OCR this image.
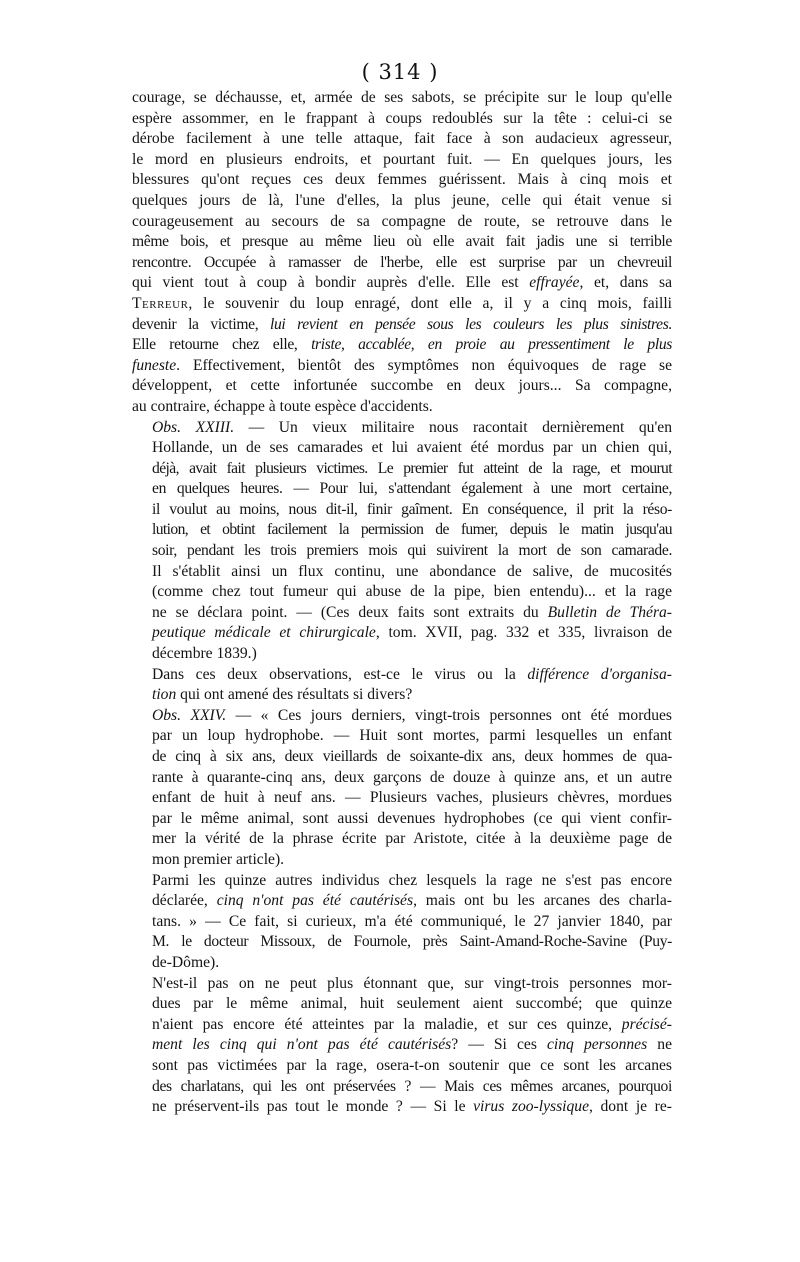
( 314 )

courage, se déchausse, et, armée de ses sabots, se précipite sur le loup qu'elle
espère assommer, en le frappant à coups redoublés sur la tête : celui-ci se
dérobe facilement à une telle attaque, fait face à son audacieux agresseur,
le mord en plusieurs endroits, et pourtant fuit. — En quelques jours, les
blessures qu'ont reçues ces deux femmes guérissent. Mais à cinq mois et
quelques jours de là, l'une d'elles, la plus jeune, celle qui était venue si
courageusement au secours de sa compagne de route, se retrouve dans le
même bois, et presque au même lieu où elle avait fait jadis une si terrible
rencontre. Occupée à ramasser de l'herbe, elle est surprise par un chevreuil
qui vient tout à coup à bondir auprès d'elle. Elle est effrayée, et, dans sa
Terreur, le souvenir du loup enragé, dont elle a, il y a cinq mois, failli
devenir la victime, lui revient en pensée sous les couleurs les plus sinistres.
Elle retourne chez elle, triste, accablée, en proie au pressentiment le plus
funeste. Effectivement, bientôt des symptômes non équivoques de rage se
développent, et cette infortunée succombe en deux jours... Sa compagne,
au contraire, échappe à toute espèce d'accidents.

Obs. XXIII. — Un vieux militaire nous racontait dernièrement qu'en
Hollande, un de ses camarades et lui avaient été mordus par un chien qui,
déjà, avait fait plusieurs victimes. Le premier fut atteint de la rage, et mourut
en quelques heures. — Pour lui, s'attendant également à une mort certaine,
il voulut au moins, nous dit-il, finir gaîment. En conséquence, il prit la réso-
lution, et obtint facilement la permission de fumer, depuis le matin jusqu'au
soir, pendant les trois premiers mois qui suivirent la mort de son camarade.
Il s'établit ainsi un flux continu, une abondance de salive, de mucosités
(comme chez tout fumeur qui abuse de la pipe, bien entendu)... et la rage
ne se déclara point. — (Ces deux faits sont extraits du Bulletin de Théra-
peutique médicale et chirurgicale, tom. XVII, pag. 332 et 335, livraison de
décembre 1839.)

Dans ces deux observations, est-ce le virus ou la différence d'organisa-
tion qui ont amené des résultats si divers?

Obs. XXIV. — « Ces jours derniers, vingt-trois personnes ont été mordues
par un loup hydrophobe. — Huit sont mortes, parmi lesquelles un enfant
de cinq à six ans, deux vieillards de soixante-dix ans, deux hommes de qua-
rante à quarante-cinq ans, deux garçons de douze à quinze ans, et un autre
enfant de huit à neuf ans. — Plusieurs vaches, plusieurs chèvres, mordues
par le même animal, sont aussi devenues hydrophobes (ce qui vient confir-
mer la vérité de la phrase écrite par Aristote, citée à la deuxième page de
mon premier article).

Parmi les quinze autres individus chez lesquels la rage ne s'est pas encore
déclarée, cinq n'ont pas été cautérisés, mais ont bu les arcanes des charla-
tans. » — Ce fait, si curieux, m'a été communiqué, le 27 janvier 1840, par
M. le docteur Missoux, de Fournole, près Saint-Amand-Roche-Savine (Puy-
de-Dôme).

N'est-il pas on ne peut plus étonnant que, sur vingt-trois personnes mor-
dues par le même animal, huit seulement aient succombé; que quinze
n'aient pas encore été atteintes par la maladie, et sur ces quinze, précisé-
ment les cinq qui n'ont pas été cautérisés? — Si ces cinq personnes ne
sont pas victimées par la rage, osera-t-on soutenir que ce sont les arcanes
des charlatans, qui les ont préservées ? — Mais ces mêmes arcanes, pourquoi
ne préservent-ils pas tout le monde ? — Si le virus zoo-lyssique, dont je re-
